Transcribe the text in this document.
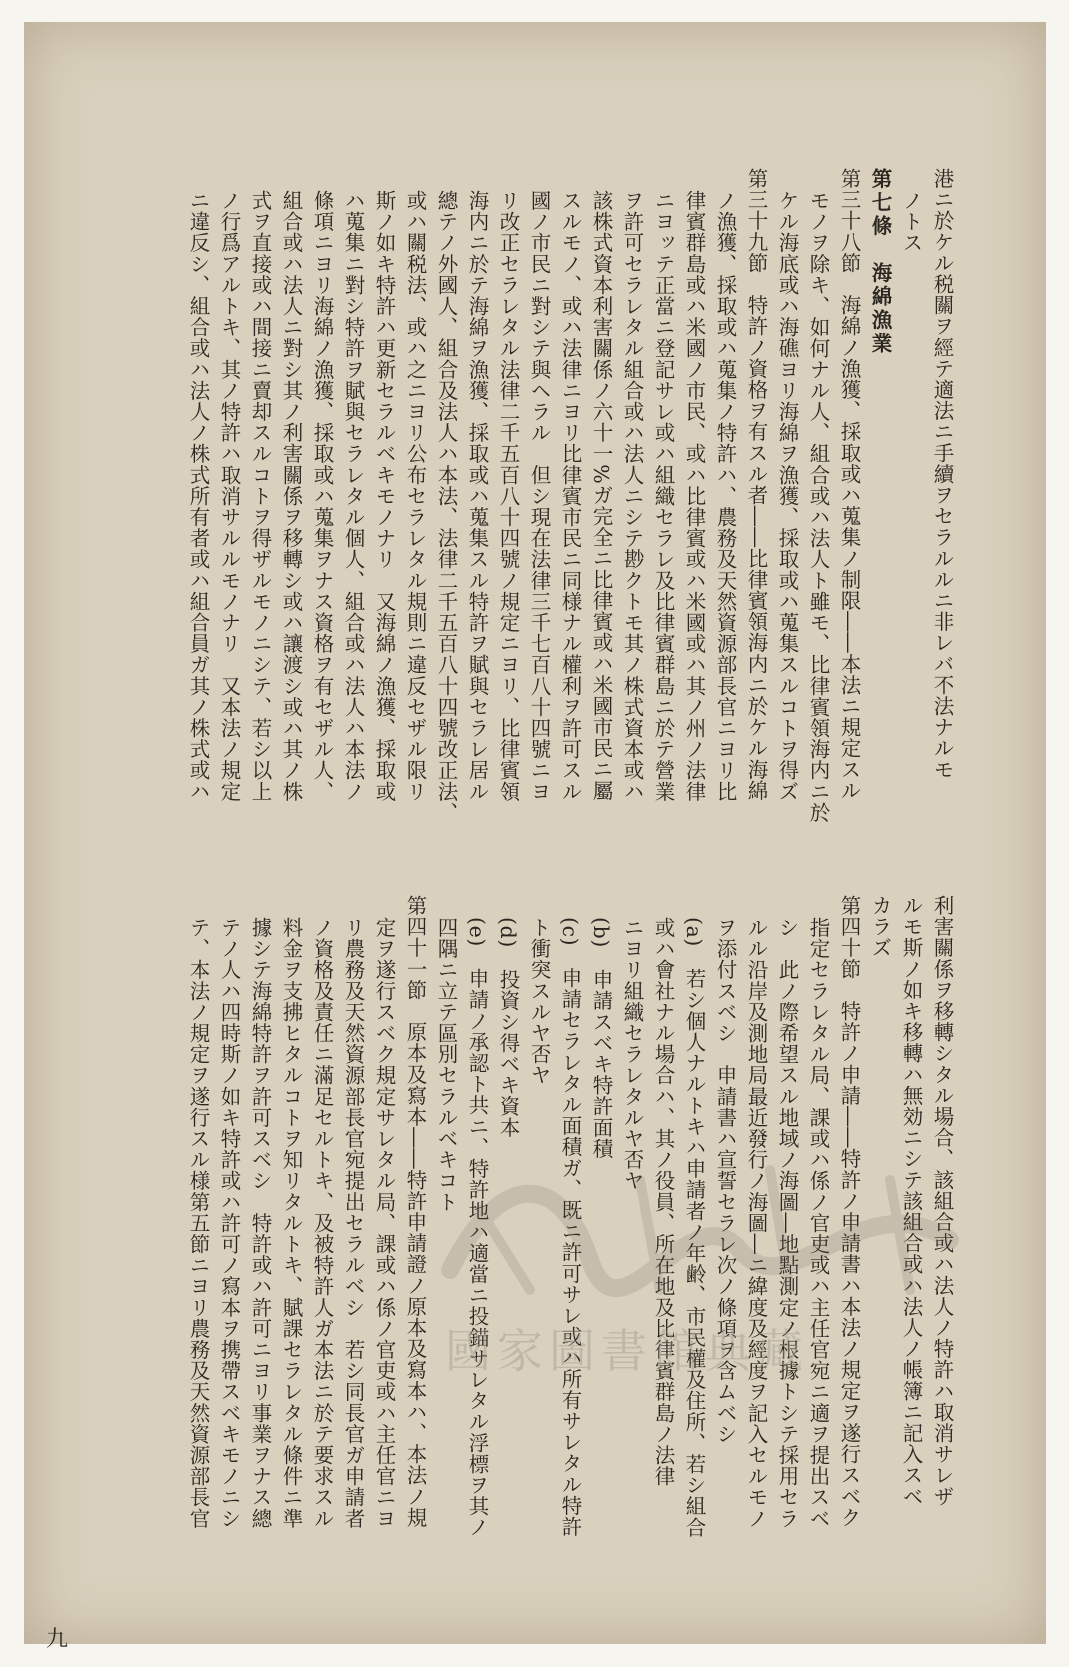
港ニ於ケル税關ヲ經テ適法ニ手續ヲセラルルニ非レバ不法ナルモ

ノトス

第七條　海綿漁業

第三十八節　海綿ノ漁獲、採取或ハ蒐集ノ制限――本法ニ規定スル

モノヲ除キ、如何ナル人、組合或ハ法人ト雖モ、比律賓領海内ニ於

ケル海底或ハ海礁ヨリ海綿ヲ漁獲、採取或ハ蒐集スルコトヲ得ズ

第三十九節　特許ノ資格ヲ有スル者――比律賓領海内ニ於ケル海綿

ノ漁獲、採取或ハ蒐集ノ特許ハ、農務及天然資源部長官ニヨリ比

律賓群島或ハ米國ノ市民、或ハ比律賓或ハ米國或ハ其ノ州ノ法律

ニヨッテ正當ニ登記サレ或ハ組織セラレ及比律賓群島ニ於テ營業

ヲ許可セラレタル組合或ハ法人ニシテ尠クトモ其ノ株式資本或ハ

該株式資本利害關係ノ六十一%ガ完全ニ比律賓或ハ米國市民ニ屬

スルモノ、或ハ法律ニヨリ比律賓市民ニ同様ナル權利ヲ許可スル

國ノ市民ニ對シテ與ヘラル　但シ現在法律三千七百八十四號ニヨ

リ改正セラレタル法律二千五百八十四號ノ規定ニヨリ、比律賓領

海内ニ於テ海綿ヲ漁獲、採取或ハ蒐集スル特許ヲ賦與セラレ居ル

總テノ外國人、組合及法人ハ本法、法律二千五百八十四號改正法、

或ハ關税法、或ハ之ニヨリ公布セラレタル規則ニ違反セザル限リ

斯ノ如キ特許ハ更新セラルベキモノナリ　又海綿ノ漁獲、採取或

ハ蒐集ニ對シ特許ヲ賦與セラレタル個人、組合或ハ法人ハ本法ノ

條項ニヨリ海綿ノ漁獲、採取或ハ蒐集ヲナス資格ヲ有セザル人、

組合或ハ法人ニ對シ其ノ利害關係ヲ移轉シ或ハ讓渡シ或ハ其ノ株

式ヲ直接或ハ間接ニ賣却スルコトヲ得ザルモノニシテ、若シ以上

ノ行爲アルトキ、其ノ特許ハ取消サルルモノナリ　又本法ノ規定

ニ違反シ、組合或ハ法人ノ株式所有者或ハ組合員ガ其ノ株式或ハ

利害關係ヲ移轉シタル場合、該組合或ハ法人ノ特許ハ取消サレザ

ルモ斯ノ如キ移轉ハ無効ニシテ該組合或ハ法人ノ帳簿ニ記入スベ

カラズ

第四十節　特許ノ申請――特許ノ申請書ハ本法ノ規定ヲ遂行スベク

指定セラレタル局、課或ハ係ノ官吏或ハ主任官宛ニ適ヲ提出スベ

シ　此ノ際希望スル地域ノ海圖―地點測定ノ根據トシテ採用セラ

ルル沿岸及測地局最近發行ノ海圖―ニ緯度及經度ヲ記入セルモノ

ヲ添付スベシ　申請書ハ宣誓セラレ次ノ條項ヲ含ムベシ

(a)　若シ個人ナルトキハ申請者ノ年齢、市民權及住所、若シ組合

或ハ會社ナル場合ハ、其ノ役員、所在地及比律賓群島ノ法律

ニヨリ組織セラレタルヤ否ヤ

(b)　申請スベキ特許面積

(c)　申請セラレタル面積ガ、既ニ許可サレ或ハ所有サレタル特許

ト衝突スルヤ否ヤ

(d)　投資シ得ベキ資本

(e)　申請ノ承認ト共ニ、特許地ハ適當ニ投錨サレタル浮標ヲ其ノ

四隅ニ立テ區別セラルベキコト

第四十一節　原本及寫本――特許申請證ノ原本及寫本ハ、本法ノ規

定ヲ遂行スベク規定サレタル局、課或ハ係ノ官吏或ハ主任官ニヨ

リ農務及天然資源部長官宛提出セラルベシ　若シ同長官ガ申請者

ノ資格及責任ニ滿足セルトキ、及被特許人ガ本法ニ於テ要求スル

料金ヲ支拂ヒタルコトヲ知リタルトキ、賦課セラレタル條件ニ準

據シテ海綿特許ヲ許可スベシ　特許或ハ許可ニヨリ事業ヲナス總

テノ人ハ四時斯ノ如キ特許或ハ許可ノ寫本ヲ携帶スベキモノニシ

テ、本法ノ規定ヲ遂行スル様第五節ニヨリ農務及天然資源部長官	國家圖書館典藏
九
